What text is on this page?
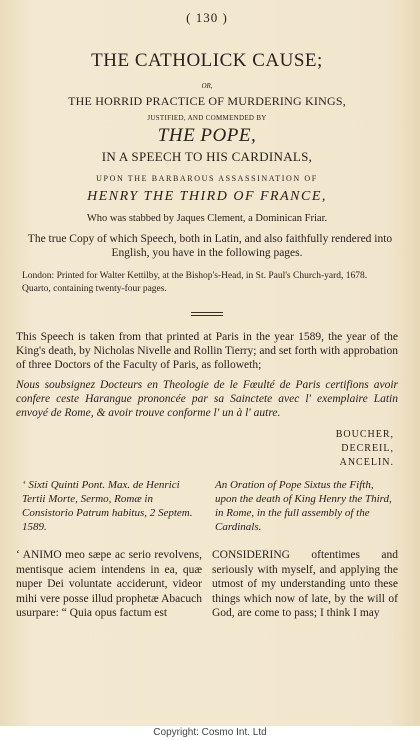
( 130 )
THE CATHOLICK CAUSE;
OR,
THE HORRID PRACTICE OF MURDERING KINGS,
JUSTIFIED, AND COMMENDED BY
THE POPE,
IN A SPEECH TO HIS CARDINALS,
UPON THE BARBAROUS ASSASSINATION OF
HENRY THE THIRD OF FRANCE,
Who was stabbed by Jaques Clement, a Dominican Friar.
The true Copy of which Speech, both in Latin, and also faithfully rendered into English, you have in the following pages.
London: Printed for Walter Kettilby, at the Bishop's-Head, in St. Paul's Church-yard, 1678. Quarto, containing twenty-four pages.
This Speech is taken from that printed at Paris in the year 1589, the year of the King's death, by Nicholas Nivelle and Rollin Tierry; and set forth with approbation of three Doctors of the Faculty of Paris, as followeth;
Nous soubsignez Docteurs en Theologie de le Fœulté de Paris certifions avoir confere ceste Harangue prononcée par sa Sainctete avec l' exemplaire Latin envoyé de Rome, & avoir trouve conforme l' un à l' autre.
BOUCHER,
DECREIL,
ANCELIN.
‘ Sixti Quinti Pont. Max. de Henrici Tertii Morte, Sermo, Romæ in Consistorio Patrum habitus, 2 Septem. 1589.
An Oration of Pope Sixtus the Fifth, upon the death of King Henry the Third, in Rome, in the full assembly of the Cardinals.
‘ ANIMO meo sæpe ac serio revolvens, mentisque aciem intendens in ea, quæ nuper Dei voluntate acciderunt, videor mihi vere posse illud prophetæ Abacuch usurpare: “ Quia opus factum est
CONSIDERING oftentimes and seriously with myself, and applying the utmost of my understanding unto these things which now of late, by the will of God, are come to pass; I think I may
Copyright: Cosmo Int. Ltd
